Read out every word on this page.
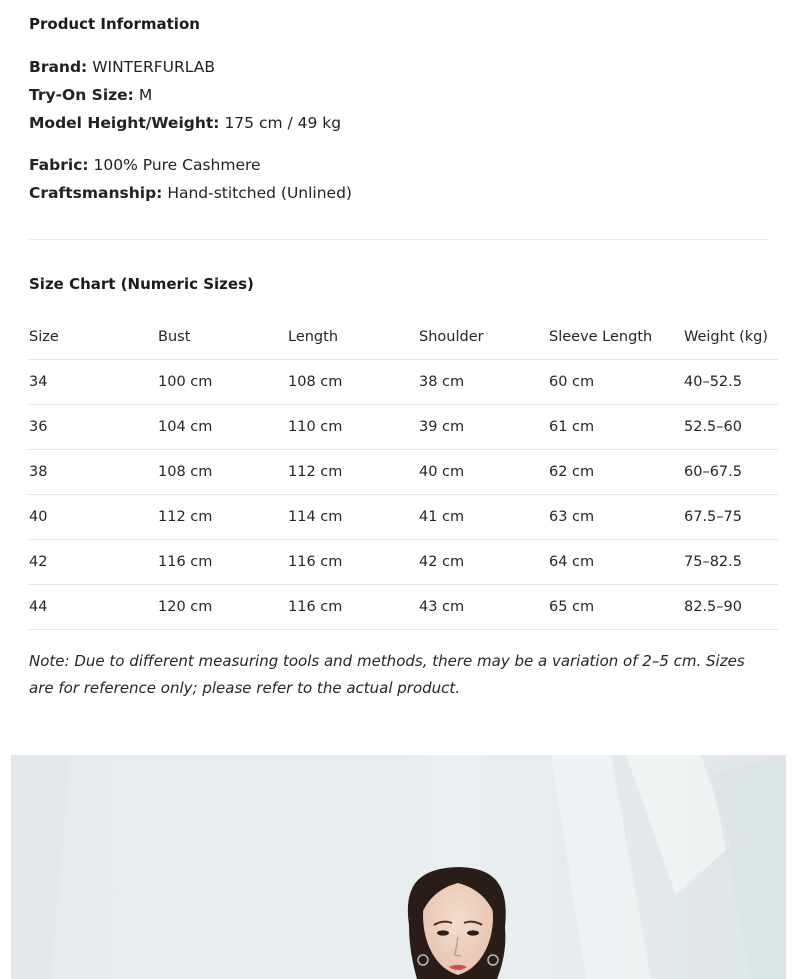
Product Information
Brand: WINTERFURLAB
Try-On Size: M
Model Height/Weight: 175 cm / 49 kg
Fabric: 100% Pure Cashmere
Craftsmanship: Hand-stitched (Unlined)
Size Chart (Numeric Sizes)
Size	Bust	Length	Shoulder	Sleeve Length	Weight (kg)
34	100 cm	108 cm	38 cm	60 cm	40–52.5
36	104 cm	110 cm	39 cm	61 cm	52.5–60
38	108 cm	112 cm	40 cm	62 cm	60–67.5
40	112 cm	114 cm	41 cm	63 cm	67.5–75
42	116 cm	116 cm	42 cm	64 cm	75–82.5
44	120 cm	116 cm	43 cm	65 cm	82.5–90
Note: Due to different measuring tools and methods, there may be a variation of 2–5 cm. Sizes are for reference only; please refer to the actual product.
